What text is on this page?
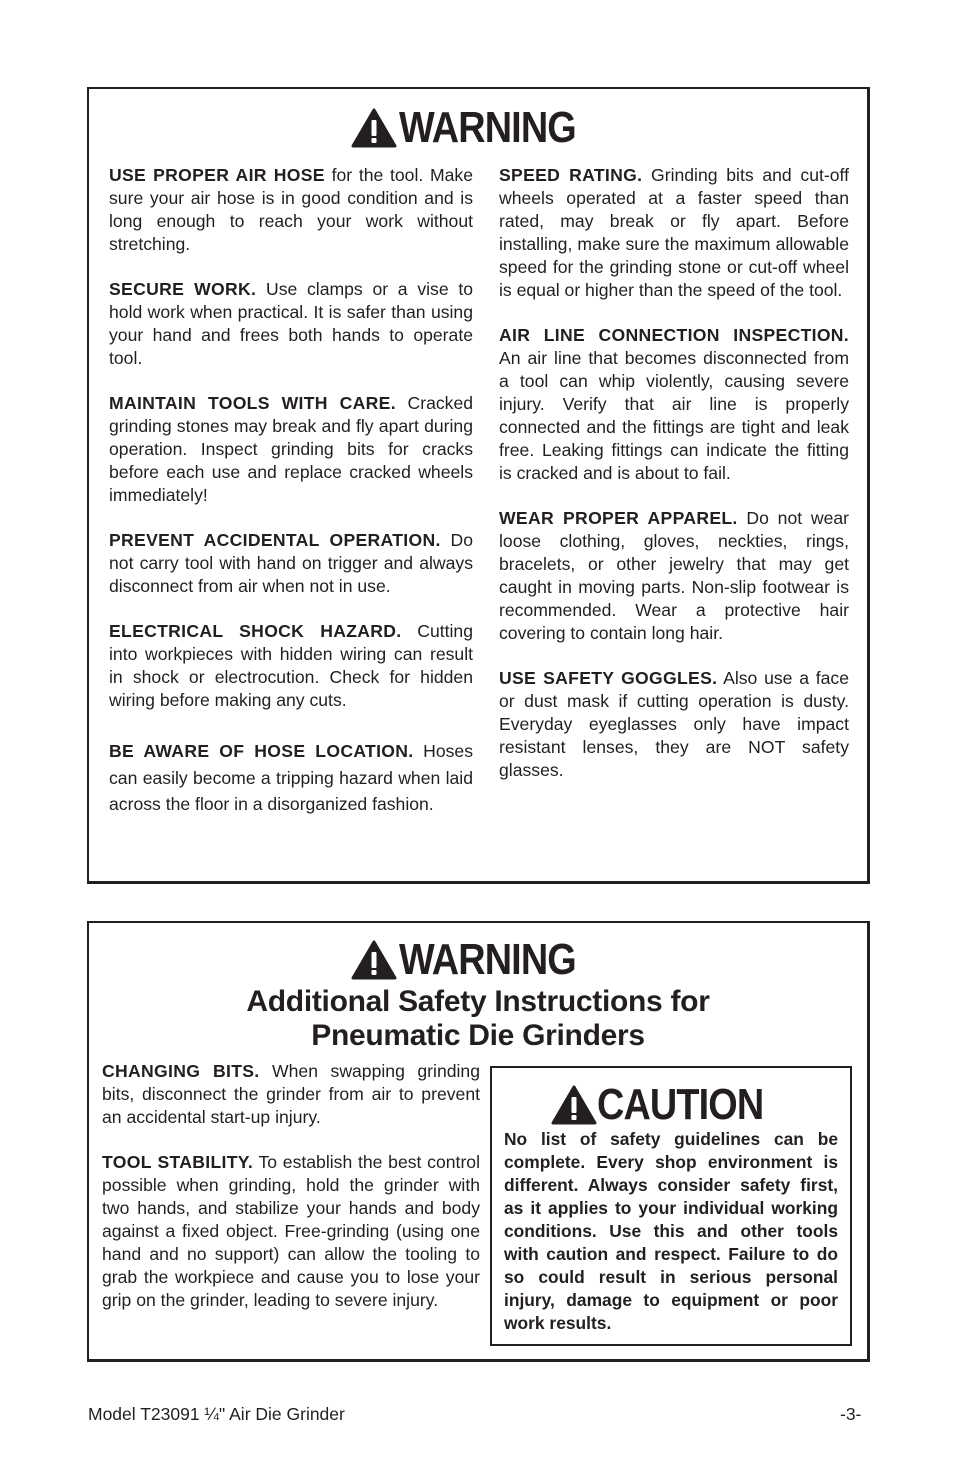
WARNING

USE PROPER AIR HOSE for the tool. Make sure your air hose is in good condition and is long enough to reach your work without stretching.

SECURE WORK. Use clamps or a vise to hold work when practical. It is safer than using your hand and frees both hands to operate tool.

MAINTAIN TOOLS WITH CARE. Cracked grinding stones may break and fly apart during operation. Inspect grinding bits for cracks before each use and replace cracked wheels immediately!

PREVENT ACCIDENTAL OPERATION. Do not carry tool with hand on trigger and always disconnect from air when not in use.

ELECTRICAL SHOCK HAZARD. Cutting into workpieces with hidden wiring can result in shock or electrocution. Check for hidden wiring before making any cuts.

BE AWARE OF HOSE LOCATION. Hoses can easily become a tripping hazard when laid across the floor in a disorganized fashion.

SPEED RATING. Grinding bits and cut-off wheels operated at a faster speed than rated, may break or fly apart. Before installing, make sure the maximum allowable speed for the grinding stone or cut-off wheel is equal or higher than the speed of the tool.

AIR LINE CONNECTION INSPECTION. An air line that becomes disconnected from a tool can whip violently, causing severe injury. Verify that air line is properly connected and the fittings are tight and leak free. Leaking fittings can indicate the fitting is cracked and is about to fail.

WEAR PROPER APPAREL. Do not wear loose clothing, gloves, neckties, rings, bracelets, or other jewelry that may get caught in moving parts. Non-slip footwear is recommended. Wear a protective hair covering to contain long hair.

USE SAFETY GOGGLES. Also use a face or dust mask if cutting operation is dusty. Everyday eyeglasses only have impact resistant lenses, they are NOT safety glasses.

WARNING
Additional Safety Instructions for
Pneumatic Die Grinders

CHANGING BITS. When swapping grinding bits, disconnect the grinder from air to prevent an accidental start-up injury.

TOOL STABILITY. To establish the best control possible when grinding, hold the grinder with two hands, and stabilize your hands and body against a fixed object. Free-grinding (using one hand and no support) can allow the tooling to grab the workpiece and cause you to lose your grip on the grinder, leading to severe injury.

CAUTION
No list of safety guidelines can be complete. Every shop environment is different. Always consider safety first, as it applies to your individual working conditions. Use this and other tools with caution and respect. Failure to do so could result in serious personal injury, damage to equipment or poor work results.
Model T23091 ¼" Air Die Grinder	-3-
